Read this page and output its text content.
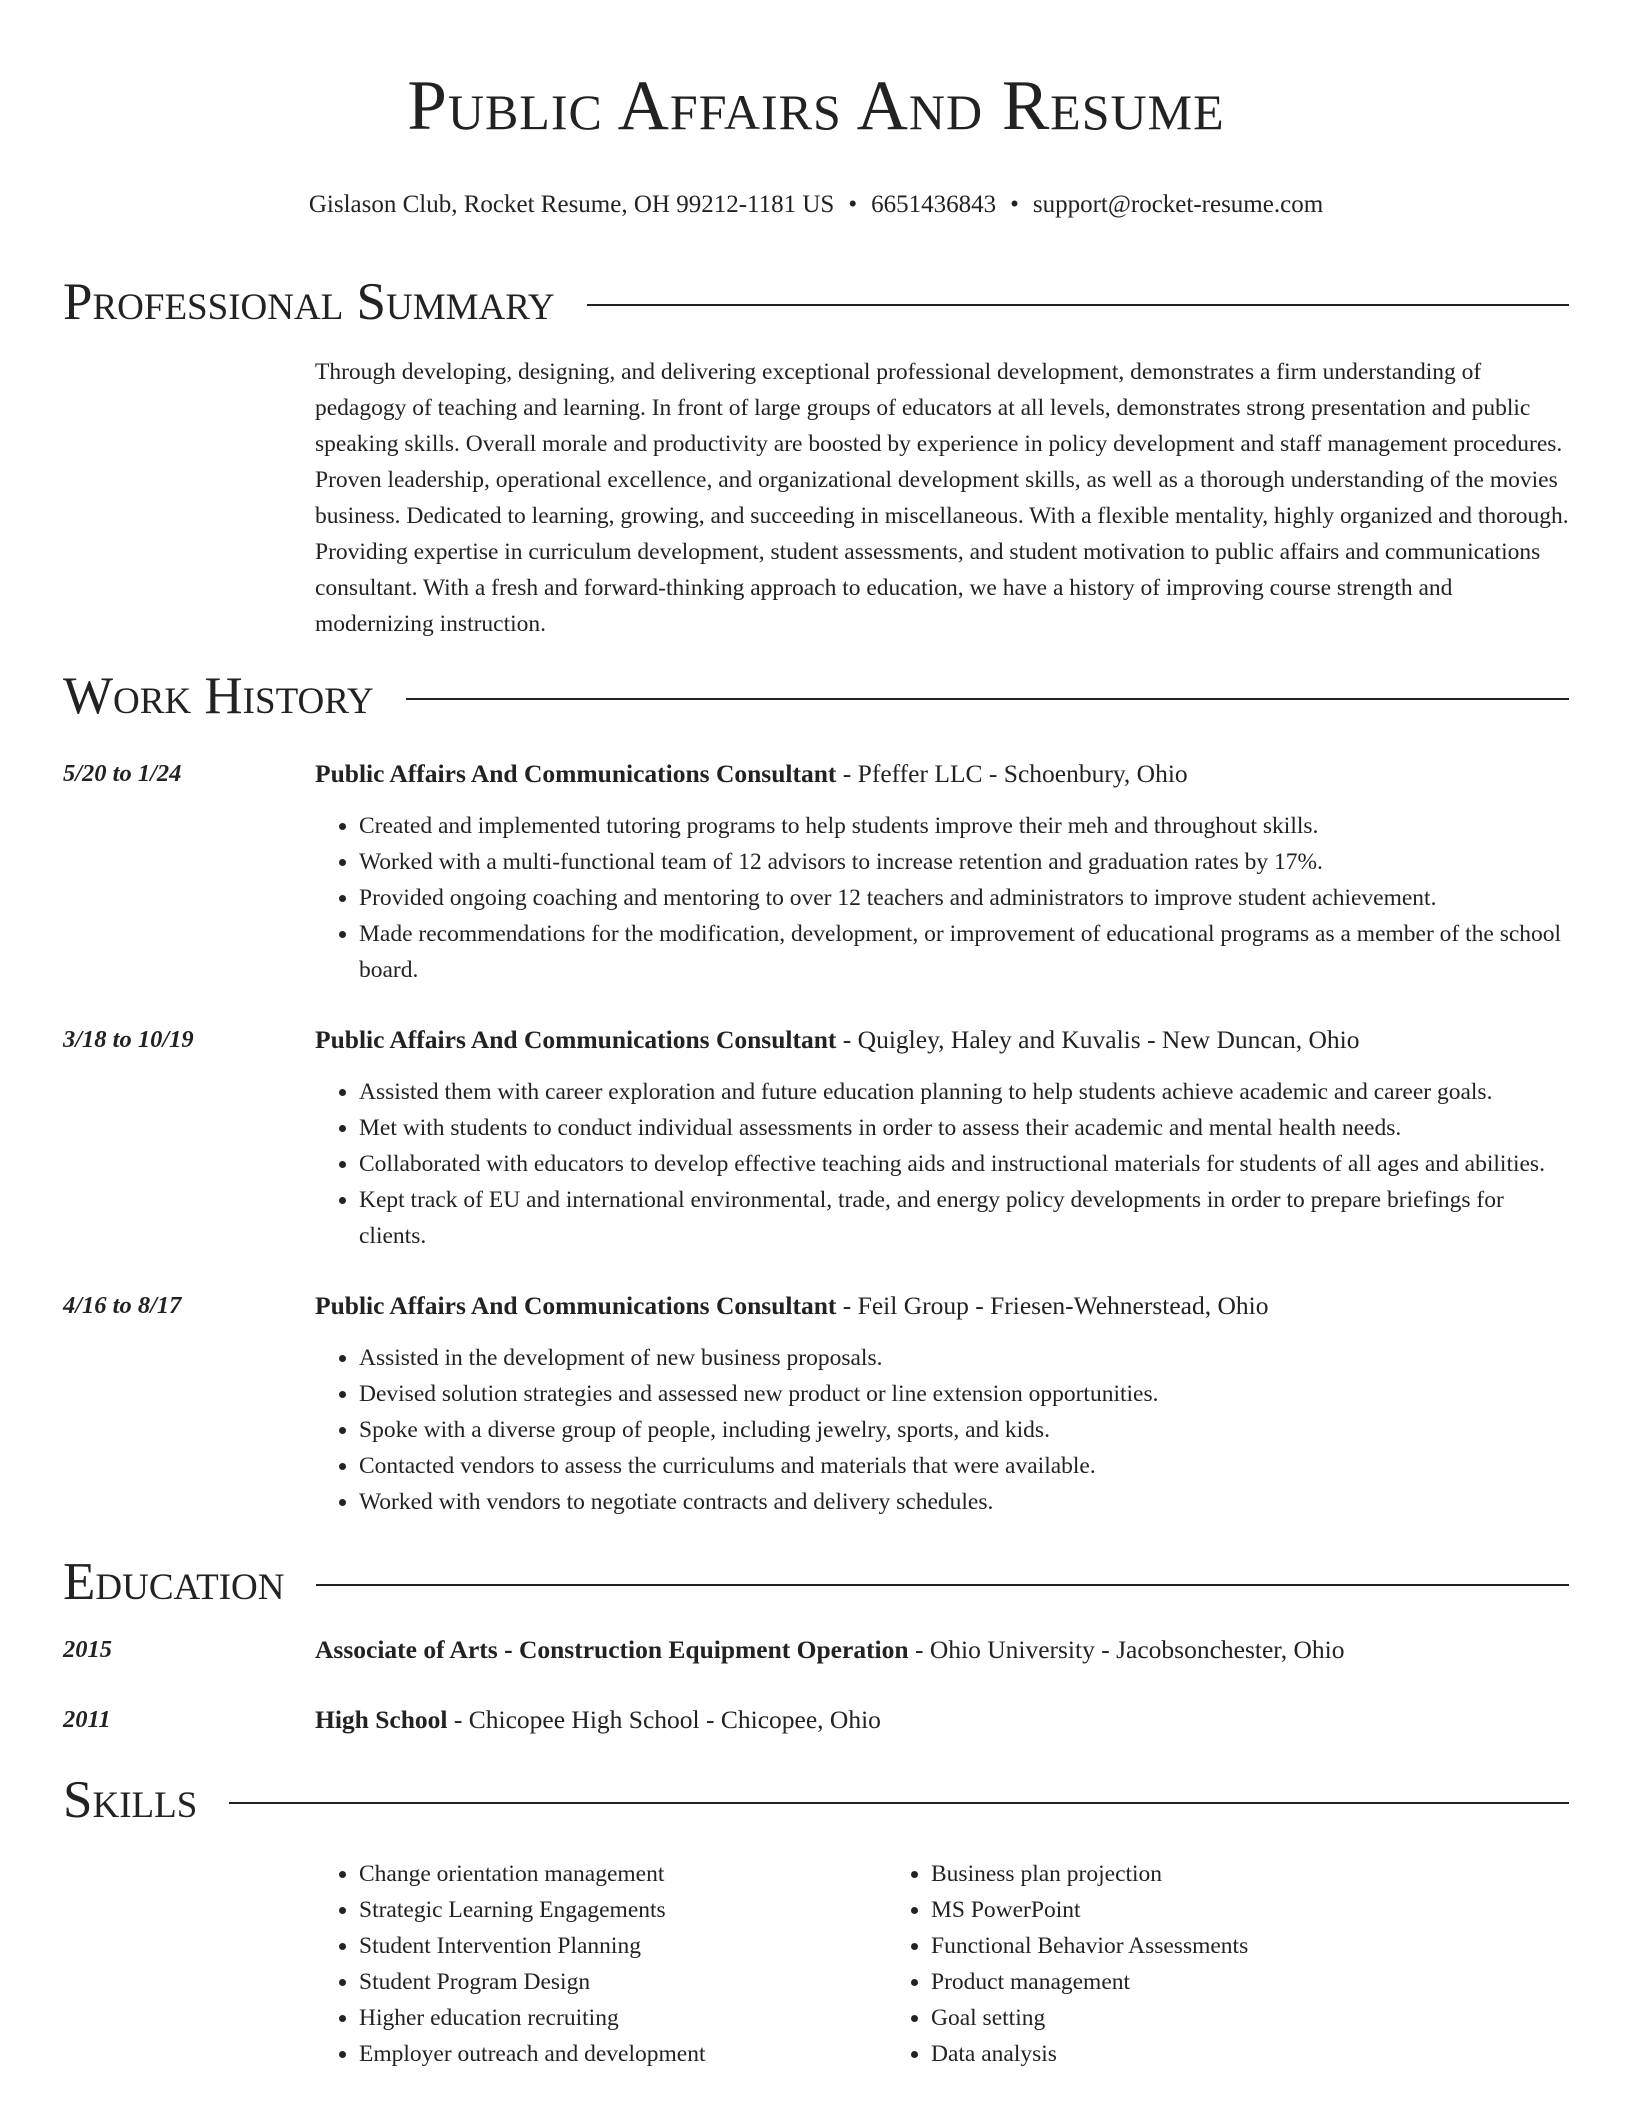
Public Affairs And Resume
Gislason Club, Rocket Resume, OH 99212-1181 US • 6651436843 • support@rocket-resume.com
Professional Summary
Through developing, designing, and delivering exceptional professional development, demonstrates a firm understanding of pedagogy of teaching and learning. In front of large groups of educators at all levels, demonstrates strong presentation and public speaking skills. Overall morale and productivity are boosted by experience in policy development and staff management procedures. Proven leadership, operational excellence, and organizational development skills, as well as a thorough understanding of the movies business. Dedicated to learning, growing, and succeeding in miscellaneous. With a flexible mentality, highly organized and thorough. Providing expertise in curriculum development, student assessments, and student motivation to public affairs and communications consultant. With a fresh and forward-thinking approach to education, we have a history of improving course strength and modernizing instruction.
Work History
5/20 to 1/24	Public Affairs And Communications Consultant - Pfeffer LLC - Schoenbury, Ohio
• Created and implemented tutoring programs to help students improve their meh and throughout skills.
• Worked with a multi-functional team of 12 advisors to increase retention and graduation rates by 17%.
• Provided ongoing coaching and mentoring to over 12 teachers and administrators to improve student achievement.
• Made recommendations for the modification, development, or improvement of educational programs as a member of the school board.
3/18 to 10/19	Public Affairs And Communications Consultant - Quigley, Haley and Kuvalis - New Duncan, Ohio
• Assisted them with career exploration and future education planning to help students achieve academic and career goals.
• Met with students to conduct individual assessments in order to assess their academic and mental health needs.
• Collaborated with educators to develop effective teaching aids and instructional materials for students of all ages and abilities.
• Kept track of EU and international environmental, trade, and energy policy developments in order to prepare briefings for clients.
4/16 to 8/17	Public Affairs And Communications Consultant - Feil Group - Friesen-Wehnerstead, Ohio
• Assisted in the development of new business proposals.
• Devised solution strategies and assessed new product or line extension opportunities.
• Spoke with a diverse group of people, including jewelry, sports, and kids.
• Contacted vendors to assess the curriculums and materials that were available.
• Worked with vendors to negotiate contracts and delivery schedules.
Education
2015	Associate of Arts - Construction Equipment Operation - Ohio University - Jacobsonchester, Ohio
2011	High School - Chicopee High School - Chicopee, Ohio
Skills
• Change orientation management
• Strategic Learning Engagements
• Student Intervention Planning
• Student Program Design
• Higher education recruiting
• Employer outreach and development
• Business plan projection
• MS PowerPoint
• Functional Behavior Assessments
• Product management
• Goal setting
• Data analysis
